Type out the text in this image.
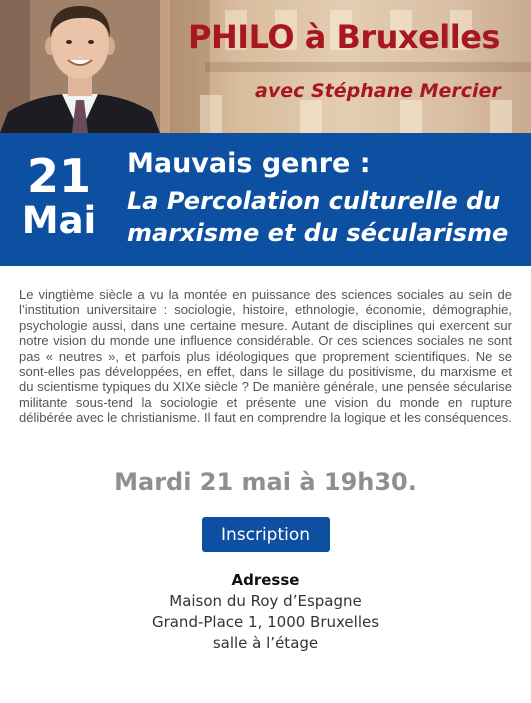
PHILO à Bruxelles

avec Stéphane Mercier

21
Mai
Mauvais genre :

La Percolation culturelle du marxisme et du sécularisme

Le vingtième siècle a vu la montée en puissance des sciences sociales au sein de l’institution universitaire : sociologie, histoire, ethnologie, économie, démographie, psychologie aussi, dans une certaine mesure. Autant de disciplines qui exercent sur notre vision du monde une influence considérable. Or ces sciences sociales ne sont pas « neutres », et parfois plus idéologiques que proprement scientifiques. Ne se sont-elles pas développées, en effet, dans le sillage du positivisme, du marxisme et du scientisme typiques du XIXe siècle ? De manière générale, une pensée sécularise militante sous-tend la sociologie et présente une vision du monde en rupture délibérée avec le christianisme. Il faut en comprendre la logique et les conséquences.

Mardi 21 mai à 19h30.
Inscription
Adresse
Maison du Roy d’Espagne
Grand-Place 1, 1000 Bruxelles
salle à l’étage
